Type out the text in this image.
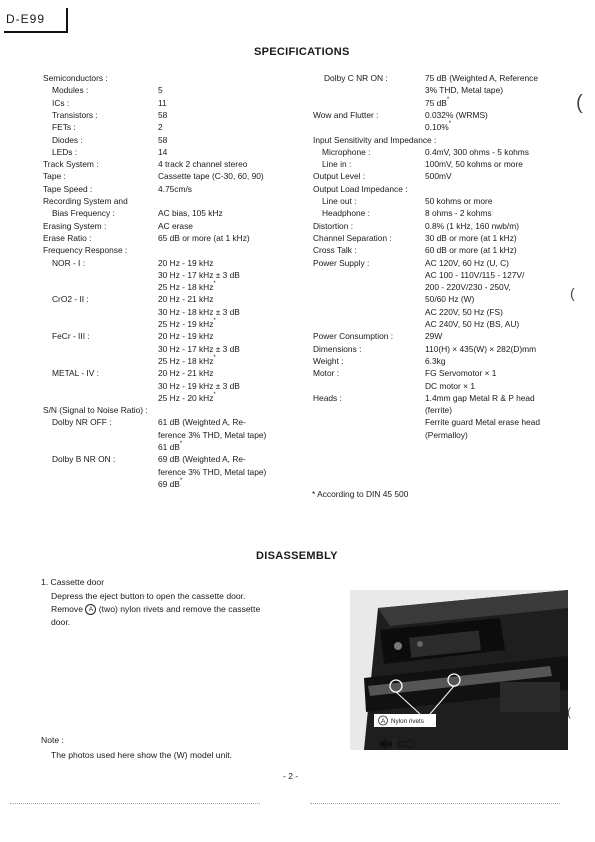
D-E99
SPECIFICATIONS
Semiconductors :
Modules :	5
ICs :	11
Transistors :	58
FETs :	2
Diodes :	58
LEDs :	14
Track System :	4 track 2 channel stereo
Tape :	Cassette tape (C-30, 60, 90)
Tape Speed :	4.75cm/s
Recording System and
Bias Frequency :	AC bias, 105 kHz
Erasing System :	AC erase
Erase Ratio :	65 dB or more (at 1 kHz)
Frequency Response :
NOR - I :	20 Hz - 19 kHz
30 Hz - 17 kHz ± 3 dB
25 Hz - 18 kHz*
CrO2 - II :	20 Hz - 21 kHz
30 Hz - 18 kHz ± 3 dB
25 Hz - 19 kHz*
FeCr - III :	20 Hz - 19 kHz
30 Hz - 17 kHz ± 3 dB
25 Hz - 18 kHz*
METAL - IV :	20 Hz - 21 kHz
30 Hz - 19 kHz ± 3 dB
25 Hz - 20 kHz*
S/N (Signal to Noise Ratio) :
Dolby NR OFF :	61 dB (Weighted A, Re-
ference 3% THD, Metal tape)
61 dB*
Dolby B NR ON :	69 dB (Weighted A, Re-
ference 3% THD, Metal tape)
69 dB*
Dolby C NR ON :	75 dB (Weighted A, Reference
3% THD, Metal tape)
75 dB*
Wow and Flutter :	0.032% (WRMS)
0.10%*
Input Sensitivity and Impedance :
Microphone :	0.4mV, 300 ohms - 5 kohms
Line in :	100mV, 50 kohms or more
Output Level :	500mV
Output Load Impedance :
Line out :	50 kohms or more
Headphone :	8 ohms - 2 kohms
Distortion :	0.8% (1 kHz, 160 nwb/m)
Channel Separation :	30 dB or more (at 1 kHz)
Cross Talk :	60 dB or more (at 1 kHz)
Power Supply :	AC 120V, 60 Hz (U, C)
AC 100 - 110V/115 - 127V/
200 - 220V/230 - 250V,
50/60 Hz (W)
AC 220V, 50 Hz (FS)
AC 240V, 50 Hz (BS, AU)
Power Consumption :	29W
Dimensions :	110(H) × 435(W) × 282(D)mm
Weight :	6.3kg
Motor :	FG Servomotor × 1
DC motor × 1
Heads :	1.4mm gap Metal R & P head
(ferrite)
Ferrite guard Metal erase head
(Permalloy)
* According to DIN 45 500
DISASSEMBLY
1. Cassette door
Depress the eject button to open the cassette door.
Remove A (two) nylon rivets and remove the cassette
door.
A Nylon rivets
Note :
The photos used here show the (W) model unit.
- 2 -
(
(
(
